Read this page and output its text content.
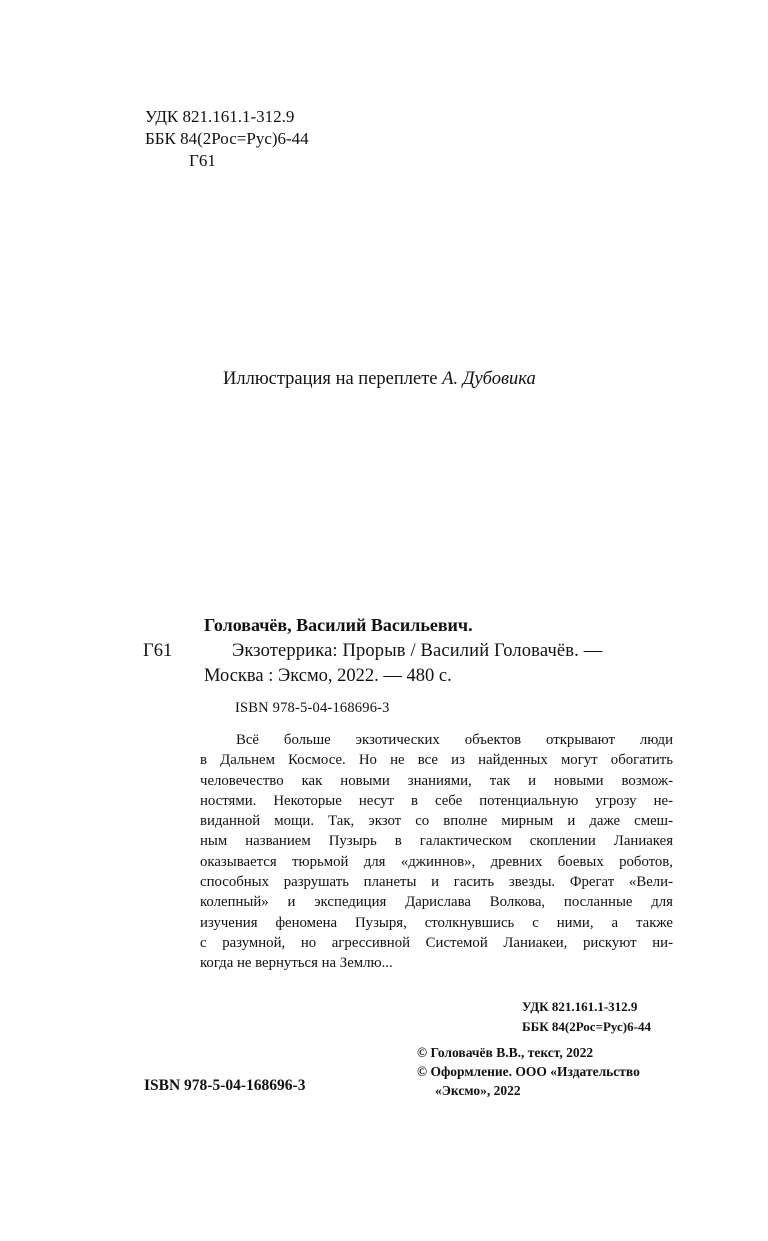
УДК 821.161.1-312.9
ББК 84(2Рос=Рус)6-44
Г61
Иллюстрация на переплете А. Дубовика
Головачёв, Василий Васильевич.
Г61	Экзотеррика: Прорыв / Василий Головачёв. —
Москва : Эксмо, 2022. — 480 с.
ISBN 978-5-04-168696-3
Всё больше экзотических объектов открывают люди
в Дальнем Космосе. Но не все из найденных могут обогатить
человечество как новыми знаниями, так и новыми возмож-
ностями. Некоторые несут в себе потенциальную угрозу не-
виданной мощи. Так, экзот со вполне мирным и даже смеш-
ным названием Пузырь в галактическом скоплении Ланиакея
оказывается тюрьмой для «джиннов», древних боевых роботов,
способных разрушать планеты и гасить звезды. Фрегат «Вели-
колепный» и экспедиция Дарислава Волкова, посланные для
изучения феномена Пузыря, столкнувшись с ними, а также
с разумной, но агрессивной Системой Ланиакеи, рискуют ни-
когда не вернуться на Землю...
УДК 821.161.1-312.9
ББК 84(2Рос=Рус)6-44
© Головачёв В.В., текст, 2022
© Оформление. ООО «Издательство
«Эксмо», 2022
ISBN 978-5-04-168696-3
